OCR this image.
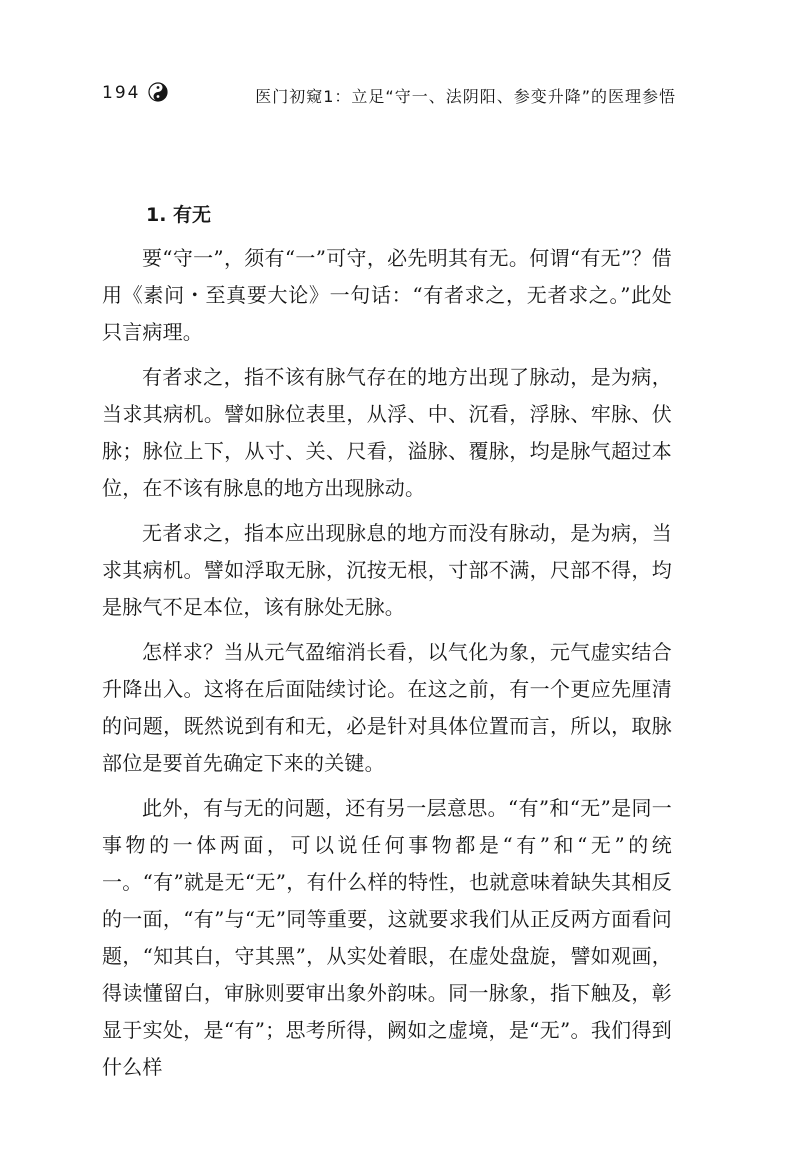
194	医门初窥1：立足“守一、法阴阳、参变升降”的医理参悟
1. 有无

要“守一”，须有“一”可守，必先明其有无。何谓“有无”？借用《素问・至真要大论》一句话：“有者求之，无者求之。”此处只言病理。

有者求之，指不该有脉气存在的地方出现了脉动，是为病，当求其病机。譬如脉位表里，从浮、中、沉看，浮脉、牢脉、伏脉；脉位上下，从寸、关、尺看，溢脉、覆脉，均是脉气超过本位，在不该有脉息的地方出现脉动。

无者求之，指本应出现脉息的地方而没有脉动，是为病，当求其病机。譬如浮取无脉，沉按无根，寸部不满，尺部不得，均是脉气不足本位，该有脉处无脉。

怎样求？当从元气盈缩消长看，以气化为象，元气虚实结合升降出入。这将在后面陆续讨论。在这之前，有一个更应先厘清的问题，既然说到有和无，必是针对具体位置而言，所以，取脉部位是要首先确定下来的关键。

此外，有与无的问题，还有另一层意思。“有”和“无”是同一事物的一体两面，可以说任何事物都是“有”和“无”的统一。“有”就是无“无”，有什么样的特性，也就意味着缺失其相反的一面，“有”与“无”同等重要，这就要求我们从正反两方面看问题，“知其白，守其黑”，从实处着眼，在虚处盘旋，譬如观画，得读懂留白，审脉则要审出象外韵味。同一脉象，指下触及，彰显于实处，是“有”；思考所得，阙如之虚境，是“无”。我们得到什么样
